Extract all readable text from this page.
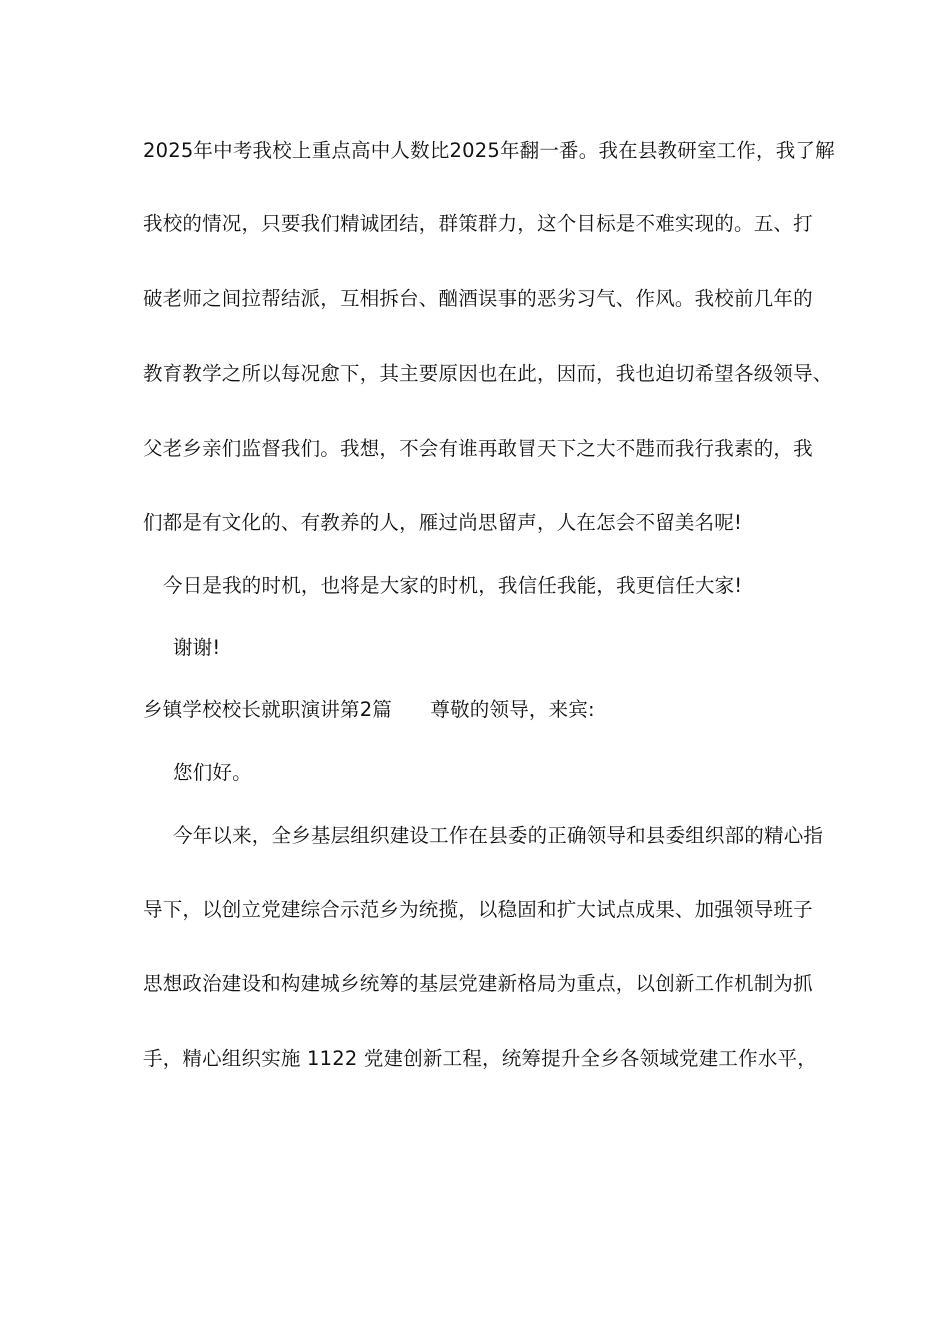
2025年中考我校上重点高中人数比2025年翻一番。我在县教研室工作，我了解
我校的情况，只要我们精诚团结，群策群力，这个目标是不难实现的。五、打
破老师之间拉帮结派，互相拆台、酗酒误事的恶劣习气、作风。我校前几年的
教育教学之所以每况愈下，其主要原因也在此，因而，我也迫切希望各级领导、
父老乡亲们监督我们。我想，不会有谁再敢冒天下之大不韪而我行我素的，我
们都是有文化的、有教养的人，雁过尚思留声，人在怎会不留美名呢!
今日是我的时机，也将是大家的时机，我信任我能，我更信任大家!
谢谢!
乡镇学校校长就职演讲第2篇      尊敬的领导，来宾:
您们好。
今年以来，全乡基层组织建设工作在县委的正确领导和县委组织部的精心指
导下，以创立党建综合示范乡为统揽，以稳固和扩大试点成果、加强领导班子
思想政治建设和构建城乡统筹的基层党建新格局为重点，以创新工作机制为抓
手，精心组织实施 1122 党建创新工程，统筹提升全乡各领域党建工作水平，
